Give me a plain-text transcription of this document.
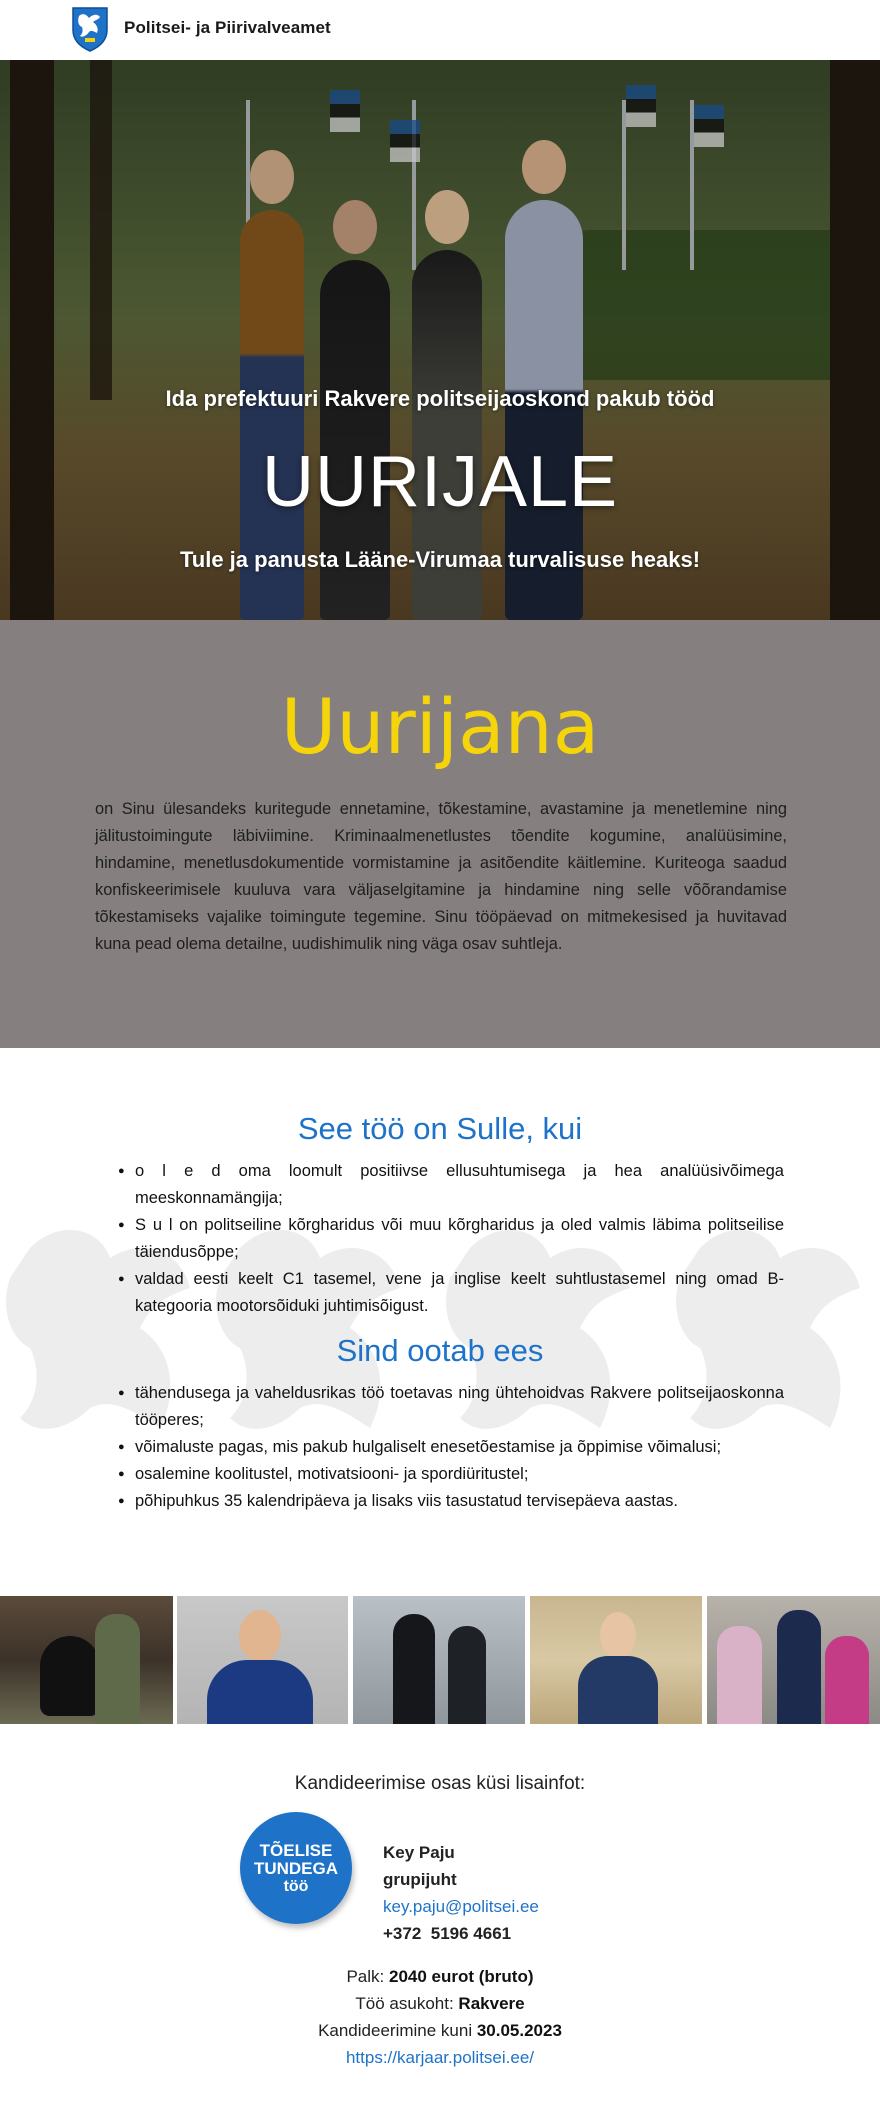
Politsei- ja Piirivalveamet
Ida prefektuuri Rakvere politseijaoskond pakub tööd
UURIJALE
Tule ja panusta Lääne-Virumaa turvalisuse heaks!
Uurijana
on Sinu ülesandeks kuritegude ennetamine, tõkestamine, avastamine ja menetlemine ning jälitustoimingute läbiviimine. Kriminaalmenetlustes tõendite kogumine, analüüsimine, hindamine, menetlusdokumentide vormistamine ja asitõendite käitlemine. Kuriteoga saadud konfiskeerimisele kuuluva vara väljaselgitamine ja hindamine ning selle võõrandamise tõkestamiseks vajalike toimingute tegemine. Sinu tööpäevad on mitmekesised ja huvitavad kuna pead olema detailne, uudishimulik ning väga osav suhtleja.
See töö on Sulle, kui
● o l e d oma loomult positiivse ellusuhtumisega ja hea analüüsivõimega meeskonnamängija;
● S u l on politseiline kõrgharidus või muu kõrgharidus ja oled valmis läbima politseilise täiendusõppe;
● valdad eesti keelt C1 tasemel, vene ja inglise keelt suhtlustasemel ning omad B-kategooria mootorsõiduki juhtimisõigust.
Sind ootab ees
● tähendusega ja vaheldusrikas töö toetavas ning ühtehoidvas Rakvere politseijaoskonna tööperes;
● võimaluste pagas, mis pakub hulgaliselt enesetõestamise ja õppimise võimalusi;
● osalemine koolitustel, motivatsiooni- ja spordiüritustel;
● põhipuhkus 35 kalendripäeva ja lisaks viis tasustatud tervisepäeva aastas.
Kandideerimise osas küsi lisainfot:
TÕELISE
TUNDEGA
töö
Key Paju
grupijuht
key.paju@politsei.ee
+372  5196 4661
Palk: 2040 eurot (bruto)
Töö asukoht: Rakvere
Kandideerimine kuni 30.05.2023
https://karjaar.politsei.ee/
